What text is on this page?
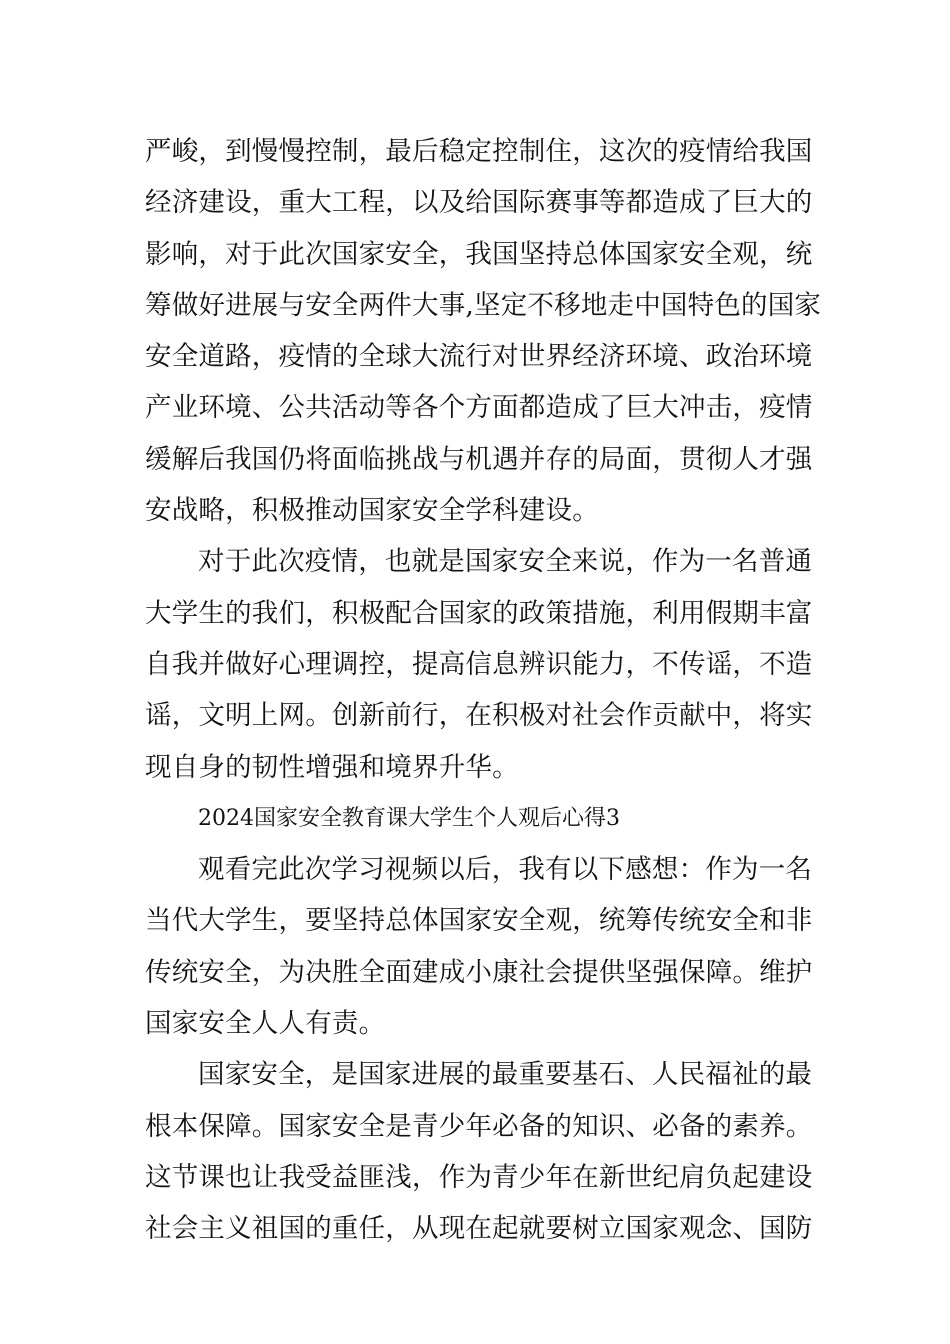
严峻，到慢慢控制，最后稳定控制住，这次的疫情给我国
经济建设，重大工程，以及给国际赛事等都造成了巨大的
影响，对于此次国家安全，我国坚持总体国家安全观，统
筹做好进展与安全两件大事,坚定不移地走中国特色的国家
安全道路，疫情的全球大流行对世界经济环境、政治环境
产业环境、公共活动等各个方面都造成了巨大冲击，疫情
缓解后我国仍将面临挑战与机遇并存的局面，贯彻人才强
安战略，积极推动国家安全学科建设。
对于此次疫情，也就是国家安全来说，作为一名普通
大学生的我们，积极配合国家的政策措施，利用假期丰富
自我并做好心理调控，提高信息辨识能力，不传谣，不造
谣，文明上网。创新前行，在积极对社会作贡献中，将实
现自身的韧性增强和境界升华。
2024国家安全教育课大学生个人观后心得3
观看完此次学习视频以后，我有以下感想：作为一名
当代大学生，要坚持总体国家安全观，统筹传统安全和非
传统安全，为决胜全面建成小康社会提供坚强保障。维护
国家安全人人有责。
国家安全，是国家进展的最重要基石、人民福祉的最
根本保障。国家安全是青少年必备的知识、必备的素养。
这节课也让我受益匪浅，作为青少年在新世纪肩负起建设
社会主义祖国的重任，从现在起就要树立国家观念、国防
